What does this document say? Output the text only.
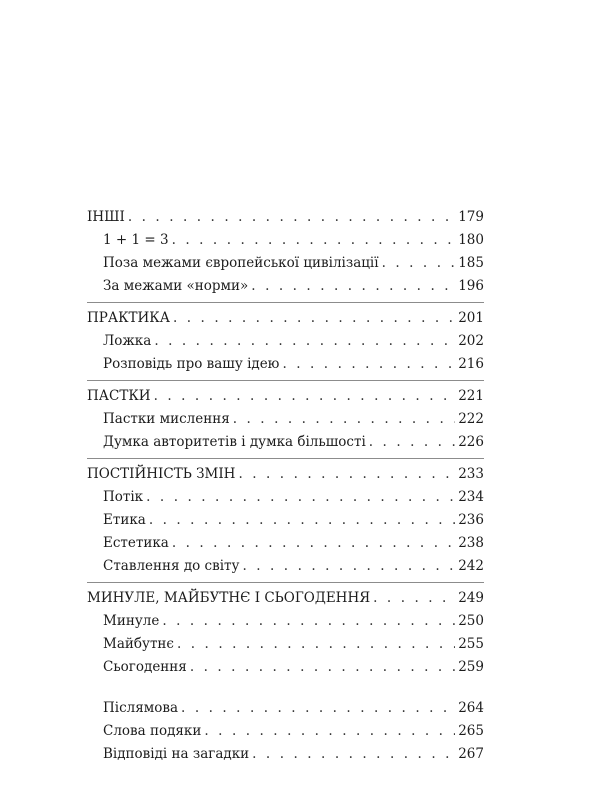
ІНШІ . . .	179
1 + 1 = 3 . . .	180
Поза межами європейської цивілізації . . .	185
За межами «норми» . . .	196
ПРАКТИКА . . .	201
Ложка . . .	202
Розповідь про вашу ідею . . .	216
ПАСТКИ . . .	221
Пастки мислення . . .	222
Думка авторитетів і думка більшості . . .	226
ПОСТІЙНІСТЬ ЗМІН . . .	233
Потік . . .	234
Етика . . .	236
Естетика . . .	238
Ставлення до світу . . .	242
МИНУЛЕ, МАЙБУТНЄ І СЬОГОДЕННЯ . . .	249
Минуле . . .	250
Майбутнє . . .	255
Сьогодення . . .	259
Післямова . . .	264
Слова подяки . . .	265
Відповіді на загадки . . .	267
